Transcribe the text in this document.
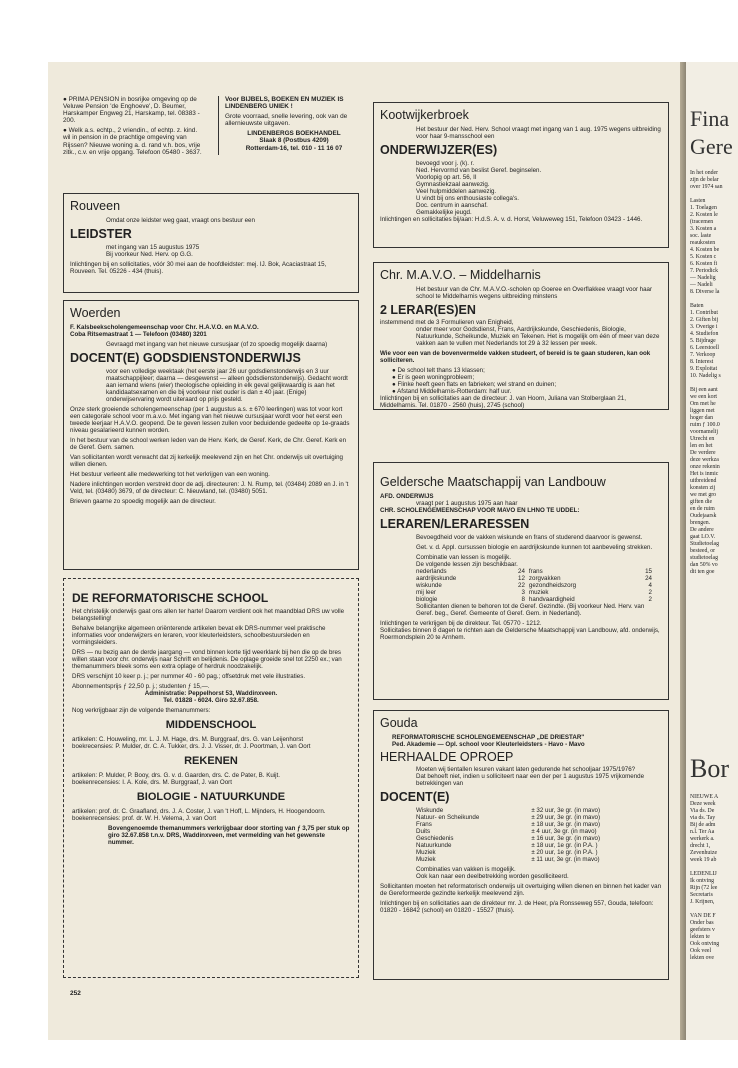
● PRIMA PENSION in bosrijke omgeving op de Veluwe Pension 'de Enghoeve', D. Beumer, Harskamper Engweg 21, Harskamp, tel. 08383 - 200.

● Welk a.s. echtp., 2 vriendin., of echtp. z. kind. wil in pension in de prachtige omgeving van Rijssen? Nieuwe woning a. d. rand v.h. bos, vrije zitk., c.v. en vrije opgang. Telefoon 05480 - 3637.

Voor BIJBELS, BOEKEN EN MUZIEK IS LINDENBERG UNIEK !

Grote voorraad, snelle levering, ook van de allernieuwste uitgaven.

LINDENBERGS BOEKHANDEL

Slaak 8 (Postbus 4209)

Rotterdam-16, tel. 010 - 11 16 07

Rouveen

Omdat onze leidster weg gaat, vraagt ons bestuur een

LEIDSTER

met ingang van 15 augustus 1975

Bij voorkeur Ned. Herv. op G.G.

Inlichtingen bij en sollicitaties, vóór 30 mei aan de hoofdleidster: mej. IJ. Bok, Acaciastraat 15, Rouveen. Tel. 05226 - 434 (thuis).

Woerden

F. Kalsbeekscholengemeenschap voor Chr. H.A.V.O. en M.A.V.O.

Coba Ritsemastraat 1 — Telefoon (03480) 3201

Gevraagd met ingang van het nieuwe cursusjaar (of zo spoedig mogelijk daarna)

DOCENT(E) GODSDIENSTONDERWIJS

voor een volledige weektaak (het eerste jaar 26 uur godsdienstonderwijs en 3 uur maatschappijleer; daarna — desgewenst — alleen godsdienstonderwijs). Gedacht wordt aan iemand wiens (wier) theologische opleiding in elk geval gelijkwaardig is aan het kandidaatsexamen en die bij voorkeur niet ouder is dan ± 40 jaar. (Enige) onderwijservaring wordt uiteraard op prijs gesteld.

Onze sterk groeiende scholengemeenschap (per 1 augustus a.s. ± 670 leerlingen) was tot voor kort een categorale school voor m.a.v.o. Met ingang van het nieuwe cursusjaar wordt voor het eerst een tweede leerjaar H.A.V.O. geopend. De te geven lessen zullen voor beduidende gedeelte op 1e-graads niveau gesalarieerd kunnen worden.

In het bestuur van de school werken leden van de Herv. Kerk, de Geref. Kerk, de Chr. Geref. Kerk en de Geref. Gem. samen.

Van sollicitanten wordt verwacht dat zij kerkelijk meelevend zijn en het Chr. onderwijs uit overtuiging willen dienen.

Het bestuur verleent alle medewerking tot het verkrijgen van een woning.

Nadere inlichtingen worden verstrekt door de adj. directeuren: J. N. Rump, tel. (03484) 2089 en J. in 't Veld, tel. (03480) 3679, of de directeur: C. Nieuwland, tel. (03480) 5051.

Brieven gaarne zo spoedig mogelijk aan de directeur.

DE REFORMATORISCHE SCHOOL

Het christelijk onderwijs gaat ons allen ter harte! Daarom verdient ook het maandblad DRS uw volle belangstelling!

Behalve belangrijke algemeen oriënterende artikelen bevat elk DRS-nummer veel praktische informaties voor onderwijzers en leraren, voor kleuterleidsters, schoolbestuursleden en vormingsleiders.

DRS — nu bezig aan de derde jaargang — vond binnen korte tijd weerklank bij hen die op de bres willen staan voor chr. onderwijs naar Schrift en belijdenis. De oplage groeide snel tot 2250 ex.; van themanummers bleek soms een extra oplage of herdruk noodzakelijk.

DRS verschijnt 10 keer p. j.; per nummer 40 - 60 pag.; offsetdruk met vele illustraties.

Abonnementsprijs ƒ 22,50 p. j.; studenten ƒ 15,—.

Administratie: Peppelhorst 53, Waddinxveen.

Tel. 01828 - 6024. Giro 32.67.858.

Nog verkrijgbaar zijn de volgende themanummers:

MIDDENSCHOOL

artikelen: C. Houweling, mr. L. J. M. Hage, drs. M. Burggraaf, drs. G. van Leijenhorst

boekrecensies: P. Mulder, dr. C. A. Tukker, drs. J. J. Visser, dr. J. Poortman, J. van Oort

REKENEN

artikelen: P. Mulder, P. Booy, drs. G. v. d. Gaarden, drs. C. de Pater, B. Kuijt.

boekenrecensies: I. A. Kole, drs. M. Burggraaf, J. van Oort

BIOLOGIE - NATUURKUNDE

artikelen: prof. dr. C. Graafland, drs. J. A. Coster, J. van 't Hoff, L. Mijnders, H. Hoogendoorn.

boekenrecensies: prof. dr. W. H. Velema, J. van Oort

Bovengenoemde themanummers verkrijgbaar door storting van ƒ 3,75 per stuk op giro 32.67.858 t.n.v. DRS, Waddinxveen, met vermelding van het gewenste nummer.

252
Kootwijkerbroek

Het bestuur der Ned. Herv. School vraagt met ingang van 1 aug. 1975 wegens uitbreiding voor haar 9-mansschool een

ONDERWIJZER(ES)
bevoegd voor j. (k). r.
Ned. Hervormd van beslist Geref. beginselen.
Voorlopig op art. 56, II
Gymnastiekzaal aanwezig.
Veel hulpmiddelen aanwezig.
U vindt bij ons enthousiaste collega's.
Doc. centrum in aanschaf.
Gemakkelijke jeugd.

Inlichtingen en sollicitaties bij/aan: H.d.S. A. v. d. Horst, Veluweweg 151, Telefoon 03423 - 1446.

Chr. M.A.V.O. – Middelharnis

Het bestuur van de Chr. M.A.V.O.-scholen op Goeree en Overflakkee vraagt voor haar school te Middelharnis wegens uitbreiding minstens

2 LERAR(ES)EN

instemmend met de 3 Formulieren van Enigheid,

onder meer voor Godsdienst, Frans, Aardrijkskunde, Geschiedenis, Biologie, Natuurkunde, Scheikunde, Muziek en Tekenen. Het is mogelijk om één of meer van deze vakken aan te vullen met Nederlands tot 29 à 32 lessen per week.

Wie voor een van de bovenvermelde vakken studeert, of bereid is te gaan studeren, kan ook solliciteren.

● De school telt thans 13 klassen;
● Er is geen woningprobleem;
● Flinke heeft geen flats en fabrieken; wel strand en duinen;
● Afstand Middelharnis-Rotterdam: half uur.

Inlichtingen bij en sollicitaties aan de directeur: J. van Hoorn, Juliana van Stolberglaan 21, Middelharnis. Tel. 01870 - 2560 (huis), 2745 (school)

Geldersche Maatschappij van Landbouw

AFD. ONDERWIJS

vraagt per 1 augustus 1975 aan haar

CHR. SCHOLENGEMEENSCHAP VOOR MAVO EN LHNO TE UDDEL:

LERAREN/LERARESSEN

Bevoegdheid voor de vakken wiskunde en frans of studerend daarvoor is gewenst.

Get. v. d. Appl. cursussen biologie en aardrijkskunde kunnen tot aanbeveling strekken.

Combinatie van lessen is mogelijk.

De volgende lessen zijn beschikbaar.

nederlands	24	frans	15
aardrijkskunde	12	zorgvakken	24
wiskunde	22	gezondheidszorg	4
mij leer	3	muziek	2
biologie	8	handvaardigheid	2

Sollicitanten dienen te behoren tot de Geref. Gezindte. (Bij voorkeur Ned. Herv. van Geref. beg., Geref. Gemeente of Geref. Gem. in Nederland).

Inlichtingen te verkrijgen bij de direkteur. Tel. 05770 - 1212.

Sollicitaties binnen 8 dagen te richten aan de Geldersche Maatschappij van Landbouw, afd. onderwijs, Roermondsplein 20 te Arnhem.

Gouda

REFORMATORISCHE SCHOLENGEMEENSCHAP „DE DRIESTAR"

Ped. Akademie — Opl. school voor Kleuterleidsters - Havo - Mavo

HERHAALDE OPROEP

Moeten wij tientallen lesuren vakant laten gedurende het schooljaar 1975/1976?

Dat behoeft niet, indien u solliciteert naar een der per 1 augustus 1975 vrijkomende betrekkingen van

DOCENT(E)
Wiskunde	± 32 uur, 3e gr. (in mavo)
Natuur- en Scheikunde	± 29 uur, 3e gr. (in mavo)
Frans	± 18 uur, 3e gr. (in mavo)
Duits	± 4 uur, 3e gr. (in mavo)
Geschiedenis	± 16 uur, 3e gr. (in mavo)
Natuurkunde	± 18 uur, 1e gr. (in P.A. )
Muziek	± 20 uur, 1e gr. (in P.A. )
Muziek	± 11 uur, 3e gr. (in mavo)

Combinaties van vakken is mogelijk.

Ook kan naar een deelbetrekking worden gesolliciteerd.

Sollicitanten moeten het reformatorisch onderwijs uit overtuiging willen dienen en binnen het kader van de Gereformeerde gezindte kerkelijk meelevend zijn.

Inlichtingen bij en sollicitaties aan de direkteur mr. J. de Heer, p/a Ronsseweg 557, Gouda, telefoon: 01820 - 16842 (school) en 01820 - 15527 (thuis).

Fina
Gere
In het onder
zijn de belar
over 1974 san
Lasten
1. Toelagen
2. Kosten le
(tracemen
3. Kosten a
soc. laste
reaukosten
4. Kosten be
5. Kosten c
6. Kosten fi
7. Periodick
— Nadelig
— Nadeli
8. Diverse la
Baten
1. Contribut
2. Giften bij
3. Overige i
4. Studiefon
5. Bijdrage
6. Leerstoell
7. Verkoop
8. Interest
9. Exploitat
10. Nadelig s
Bij een aant
we een kort
Om met he
liggen met
hoger dan
ruim ƒ 100.0
voornamelij
Utrecht en
len en het
De verdere
deze werkza
onze rekenin
Het is inmic
uitbreidend
konsten zij
we met gro
giften die
en de ruim
Oudejaarsk
brengen.
De andere
gaat LO.V.
Studietoelag
besteed, or
studietoelag
dan 50% vo
dit ten goe
Bor
NIEUWE A
Deze week
Via ds. De
via ds. Tay
Bij de adm
n.l. Ter Aa
werkerk a.
drecht 1,
Zevenhuize
week 19 ab
LEDENLIJ
Ik ontving
Rijn (72 lee
Secretaris
J. Krijnen,
VAN DE F
Onder bas
geefsters v
lekten te
Ook ontving
Ook veel
lekten ove
